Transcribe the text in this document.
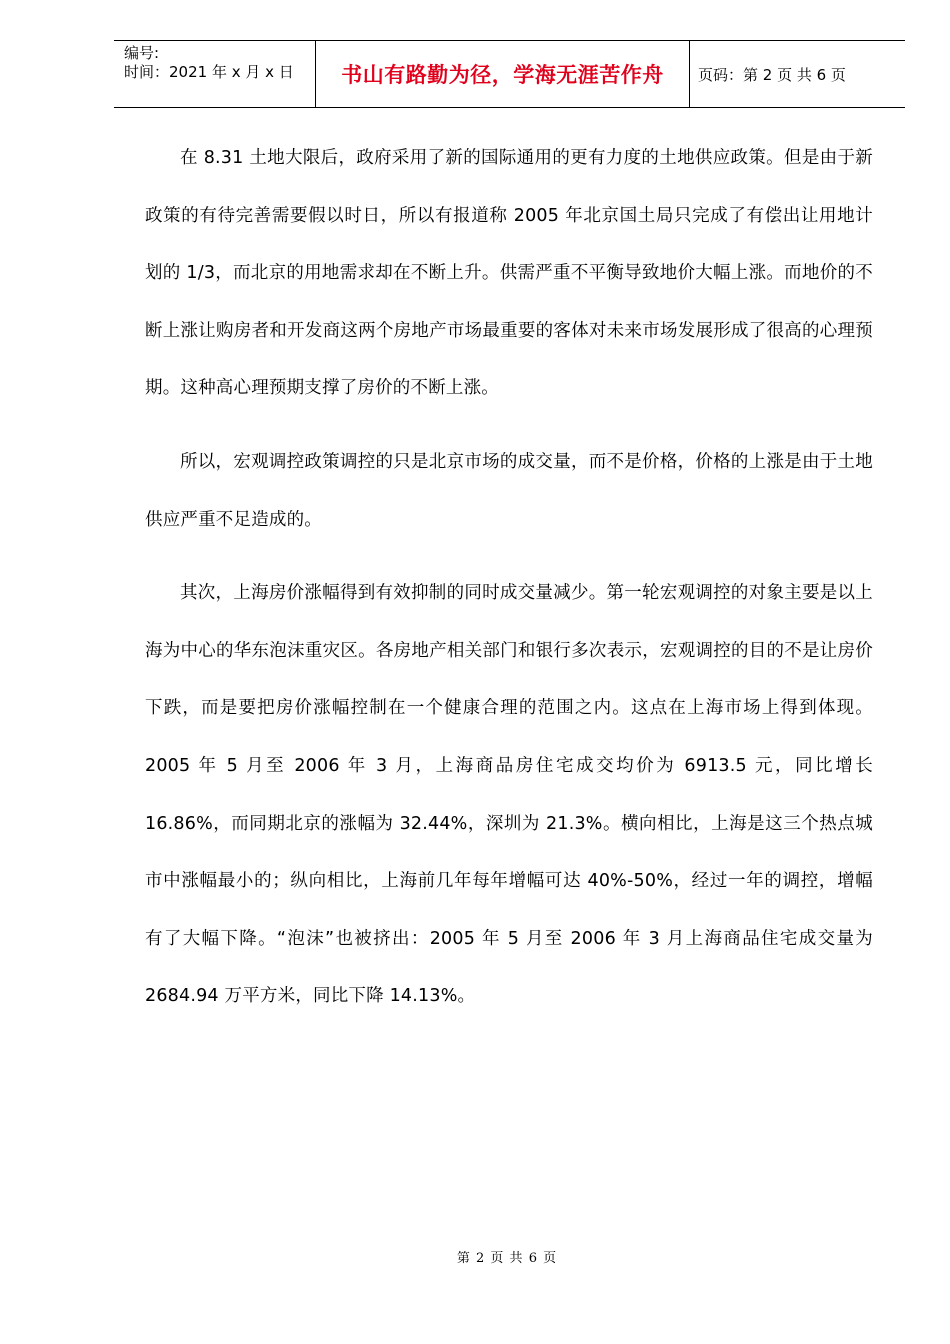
编号:
时间：2021 年 x 月 x 日	书山有路勤为径，学海无涯苦作舟	页码：第 2 页 共 6 页

在 8.31 土地大限后，政府采用了新的国际通用的更有力度的土地供应政策。但是由于新政策的有待完善需要假以时日，所以有报道称 2005 年北京国土局只完成了有偿出让用地计划的 1/3，而北京的用地需求却在不断上升。供需严重不平衡导致地价大幅上涨。而地价的不断上涨让购房者和开发商这两个房地产市场最重要的客体对未来市场发展形成了很高的心理预期。这种高心理预期支撑了房价的不断上涨。

所以，宏观调控政策调控的只是北京市场的成交量，而不是价格，价格的上涨是由于土地供应严重不足造成的。

其次，上海房价涨幅得到有效抑制的同时成交量减少。第一轮宏观调控的对象主要是以上海为中心的华东泡沫重灾区。各房地产相关部门和银行多次表示，宏观调控的目的不是让房价下跌，而是要把房价涨幅控制在一个健康合理的范围之内。这点在上海市场上得到体现。2005 年 5 月至 2006 年 3 月，上海商品房住宅成交均价为 6913.5 元，同比增长 16.86%，而同期北京的涨幅为 32.44%，深圳为 21.3%。横向相比，上海是这三个热点城市中涨幅最小的；纵向相比，上海前几年每年增幅可达 40%-50%，经过一年的调控，增幅有了大幅下降。“泡沫”也被挤出：2005 年 5 月至 2006 年 3 月上海商品住宅成交量为 2684.94 万平方米，同比下降 14.13%。

第 2 页 共 6 页
